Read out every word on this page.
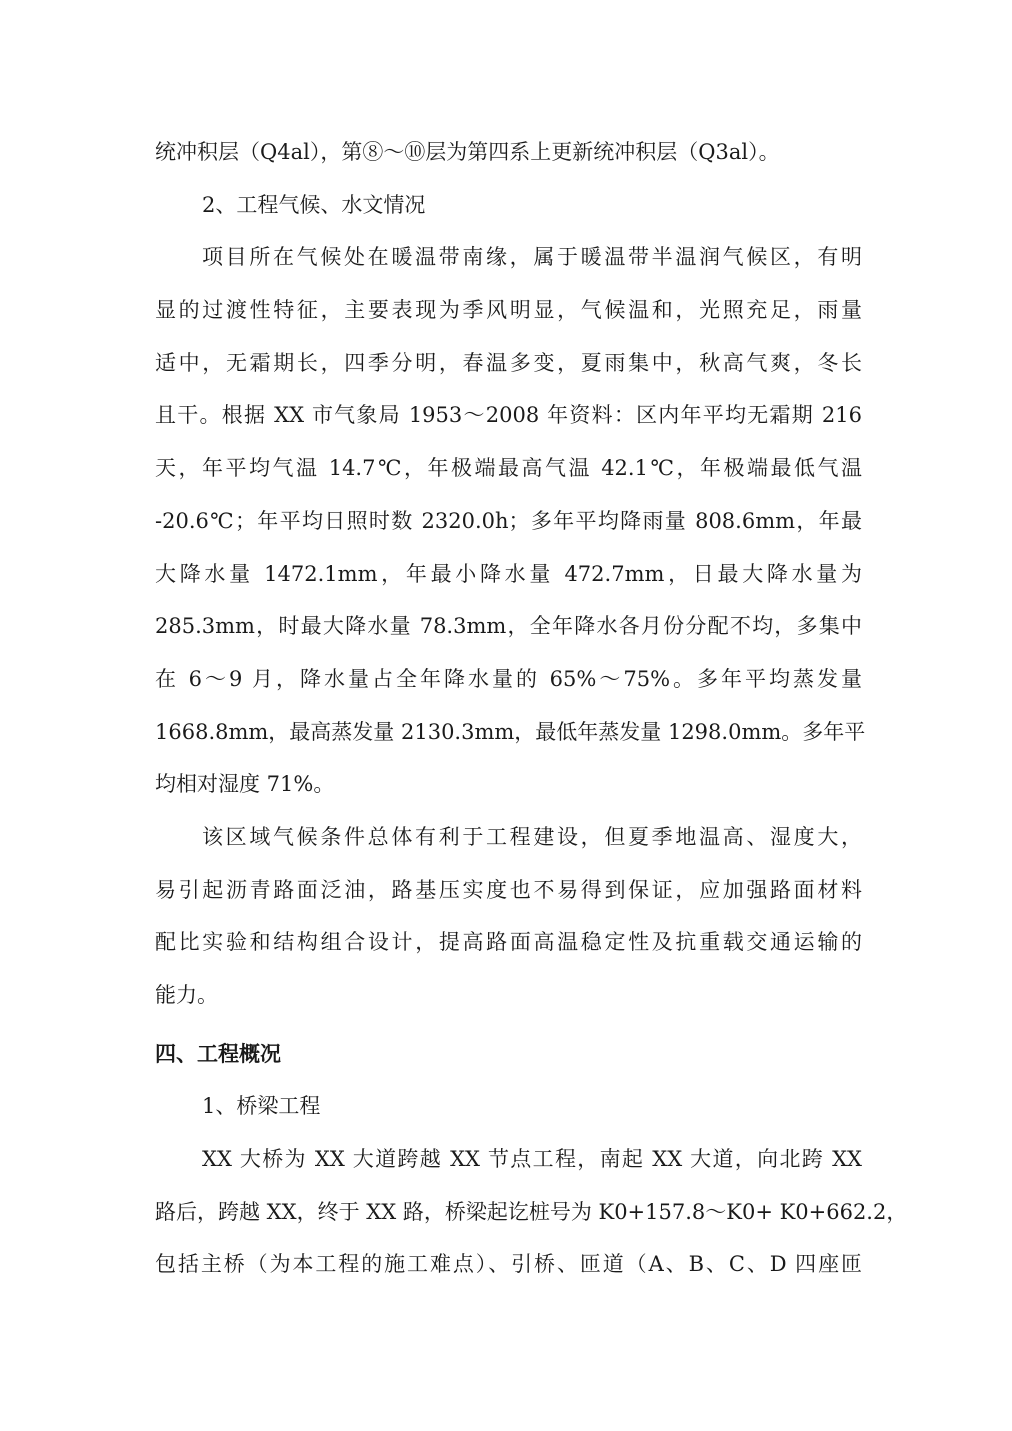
统冲积层（Q4al），第⑧～⑩层为第四系上更新统冲积层（Q3al）。
2、工程气候、水文情况
项目所在气候处在暖温带南缘，属于暖温带半温润气候区，有明
显的过渡性特征，主要表现为季风明显，气候温和，光照充足，雨量
适中，无霜期长，四季分明，春温多变，夏雨集中，秋高气爽，冬长
且干。根据 XX 市气象局 1953～2008 年资料：区内年平均无霜期 216
天，年平均气温 14.7℃，年极端最高气温 42.1℃，年极端最低气温
-20.6℃；年平均日照时数 2320.0h；多年平均降雨量 808.6mm，年最
大降水量 1472.1mm，年最小降水量 472.7mm，日最大降水量为
285.3mm，时最大降水量 78.3mm，全年降水各月份分配不均，多集中
在 6～9 月，降水量占全年降水量的 65%～75%。多年平均蒸发量
1668.8mm，最高蒸发量 2130.3mm，最低年蒸发量 1298.0mm。多年平
均相对湿度 71%。
该区域气候条件总体有利于工程建设，但夏季地温高、湿度大，
易引起沥青路面泛油，路基压实度也不易得到保证，应加强路面材料
配比实验和结构组合设计，提高路面高温稳定性及抗重载交通运输的
能力。
四、工程概况
1、桥梁工程
XX 大桥为 XX 大道跨越 XX 节点工程，南起 XX 大道，向北跨 XX
路后，跨越 XX，终于 XX 路，桥梁起讫桩号为 K0+157.8～K0+ K0+662.2，
包括主桥（为本工程的施工难点）、引桥、匝道（A、B、C、D 四座匝
